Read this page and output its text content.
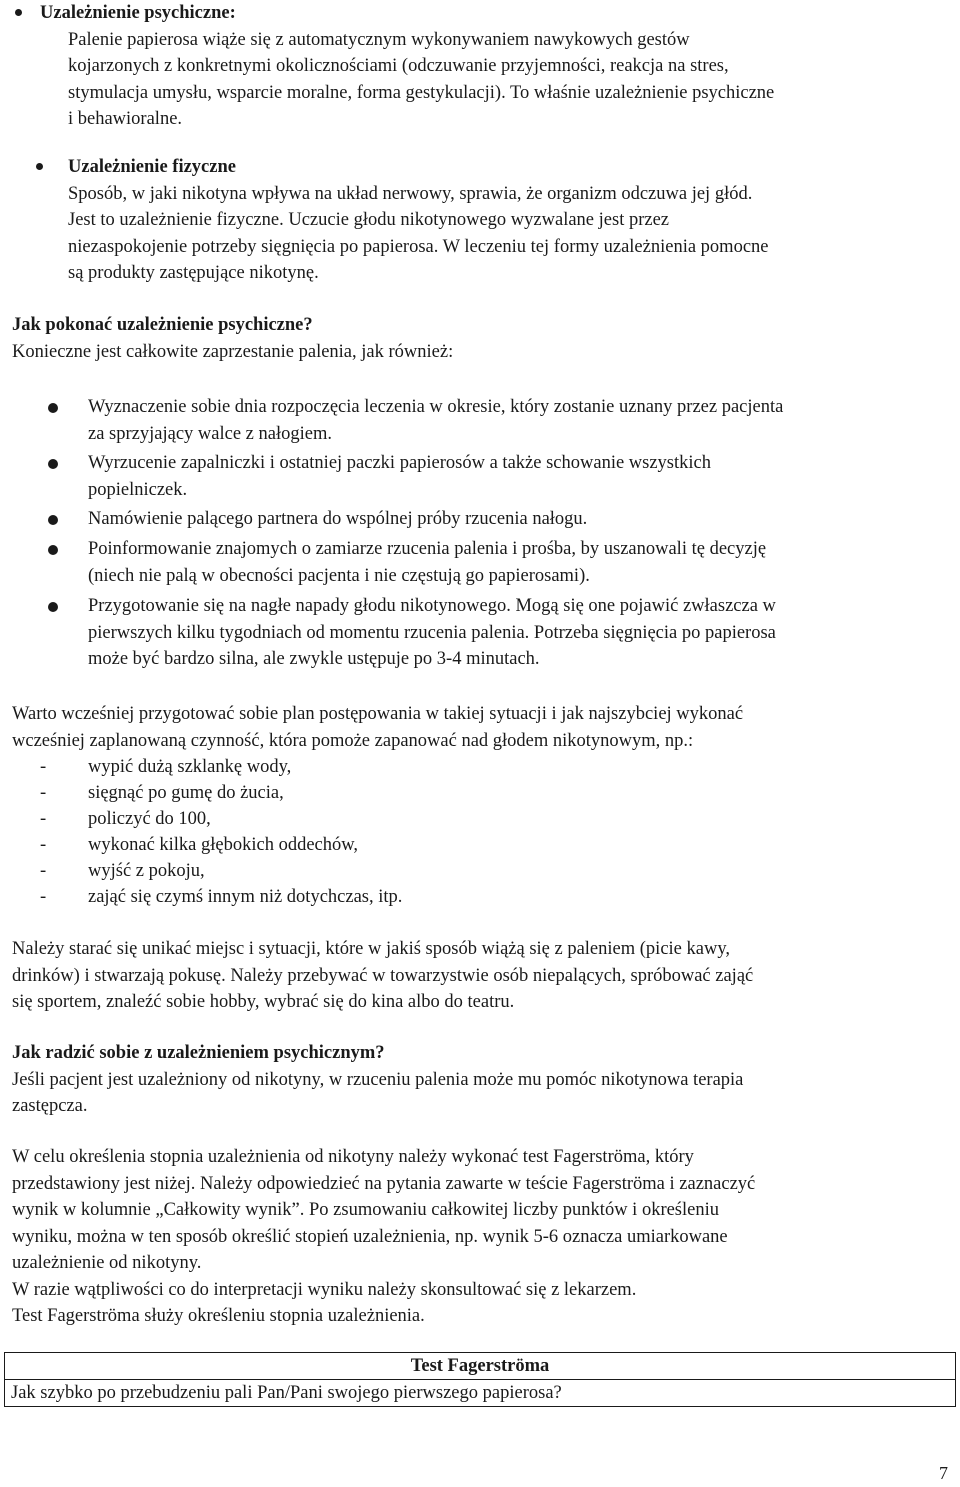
Uzależnienie psychiczne:

Palenie papierosa wiąże się z automatycznym wykonywaniem nawykowych gestów

kojarzonych z konkretnymi okolicznościami (odczuwanie przyjemności, reakcja na stres,

stymulacja umysłu, wsparcie moralne, forma gestykulacji). To właśnie uzależnienie psychiczne

i behawioralne.

Uzależnienie fizyczne

Sposób, w jaki nikotyna wpływa na układ nerwowy, sprawia, że organizm odczuwa jej głód.

Jest to uzależnienie fizyczne. Uczucie głodu nikotynowego wyzwalane jest przez

niezaspokojenie potrzeby sięgnięcia po papierosa. W leczeniu tej formy uzależnienia pomocne

są produkty zastępujące nikotynę.

Jak pokonać uzależnienie psychiczne?

Konieczne jest całkowite zaprzestanie palenia, jak również:

Wyznaczenie sobie dnia rozpoczęcia leczenia w okresie, który zostanie uznany przez pacjenta

za sprzyjający walce z nałogiem.

Wyrzucenie zapalniczki i ostatniej paczki papierosów a także schowanie wszystkich

popielniczek.

Namówienie palącego partnera do wspólnej próby rzucenia nałogu.

Poinformowanie znajomych o zamiarze rzucenia palenia i prośba, by uszanowali tę decyzję

(niech nie palą w obecności pacjenta i nie częstują go papierosami).

Przygotowanie się na nagłe napady głodu nikotynowego. Mogą się one pojawić zwłaszcza w

pierwszych kilku tygodniach od momentu rzucenia palenia. Potrzeba sięgnięcia po papierosa

może być bardzo silna, ale zwykle ustępuje po 3-4 minutach.

Warto wcześniej przygotować sobie plan postępowania w takiej sytuacji i jak najszybciej wykonać

wcześniej zaplanowaną czynność, która pomoże zapanować nad głodem nikotynowym, np.:

- wypić dużą szklankę wody,
- sięgnąć po gumę do żucia,
- policzyć do 100,
- wykonać kilka głębokich oddechów,
- wyjść z pokoju,
- zająć się czymś innym niż dotychczas, itp.

Należy starać się unikać miejsc i sytuacji, które w jakiś sposób wiążą się z paleniem (picie kawy,

drinków) i stwarzają pokusę. Należy przebywać w towarzystwie osób niepalących, spróbować zająć

się sportem, znaleźć sobie hobby, wybrać się do kina albo do teatru.

Jak radzić sobie z uzależnieniem psychicznym?

Jeśli pacjent jest uzależniony od nikotyny, w rzuceniu palenia może mu pomóc nikotynowa terapia

zastępcza.

W celu określenia stopnia uzależnienia od nikotyny należy wykonać test Fagerströma, który

przedstawiony jest niżej. Należy odpowiedzieć na pytania zawarte w teście Fagerströma i zaznaczyć

wynik w kolumnie „Całkowity wynik”. Po zsumowaniu całkowitej liczby punktów i określeniu

wyniku, można w ten sposób określić stopień uzależnienia, np. wynik 5-6 oznacza umiarkowane

uzależnienie od nikotyny.

W razie wątpliwości co do interpretacji wyniku należy skonsultować się z lekarzem.

Test Fagerströma służy określeniu stopnia uzależnienia.

Test Fagerströma
Jak szybko po przebudzeniu pali Pan/Pani swojego pierwszego papierosa?
7
